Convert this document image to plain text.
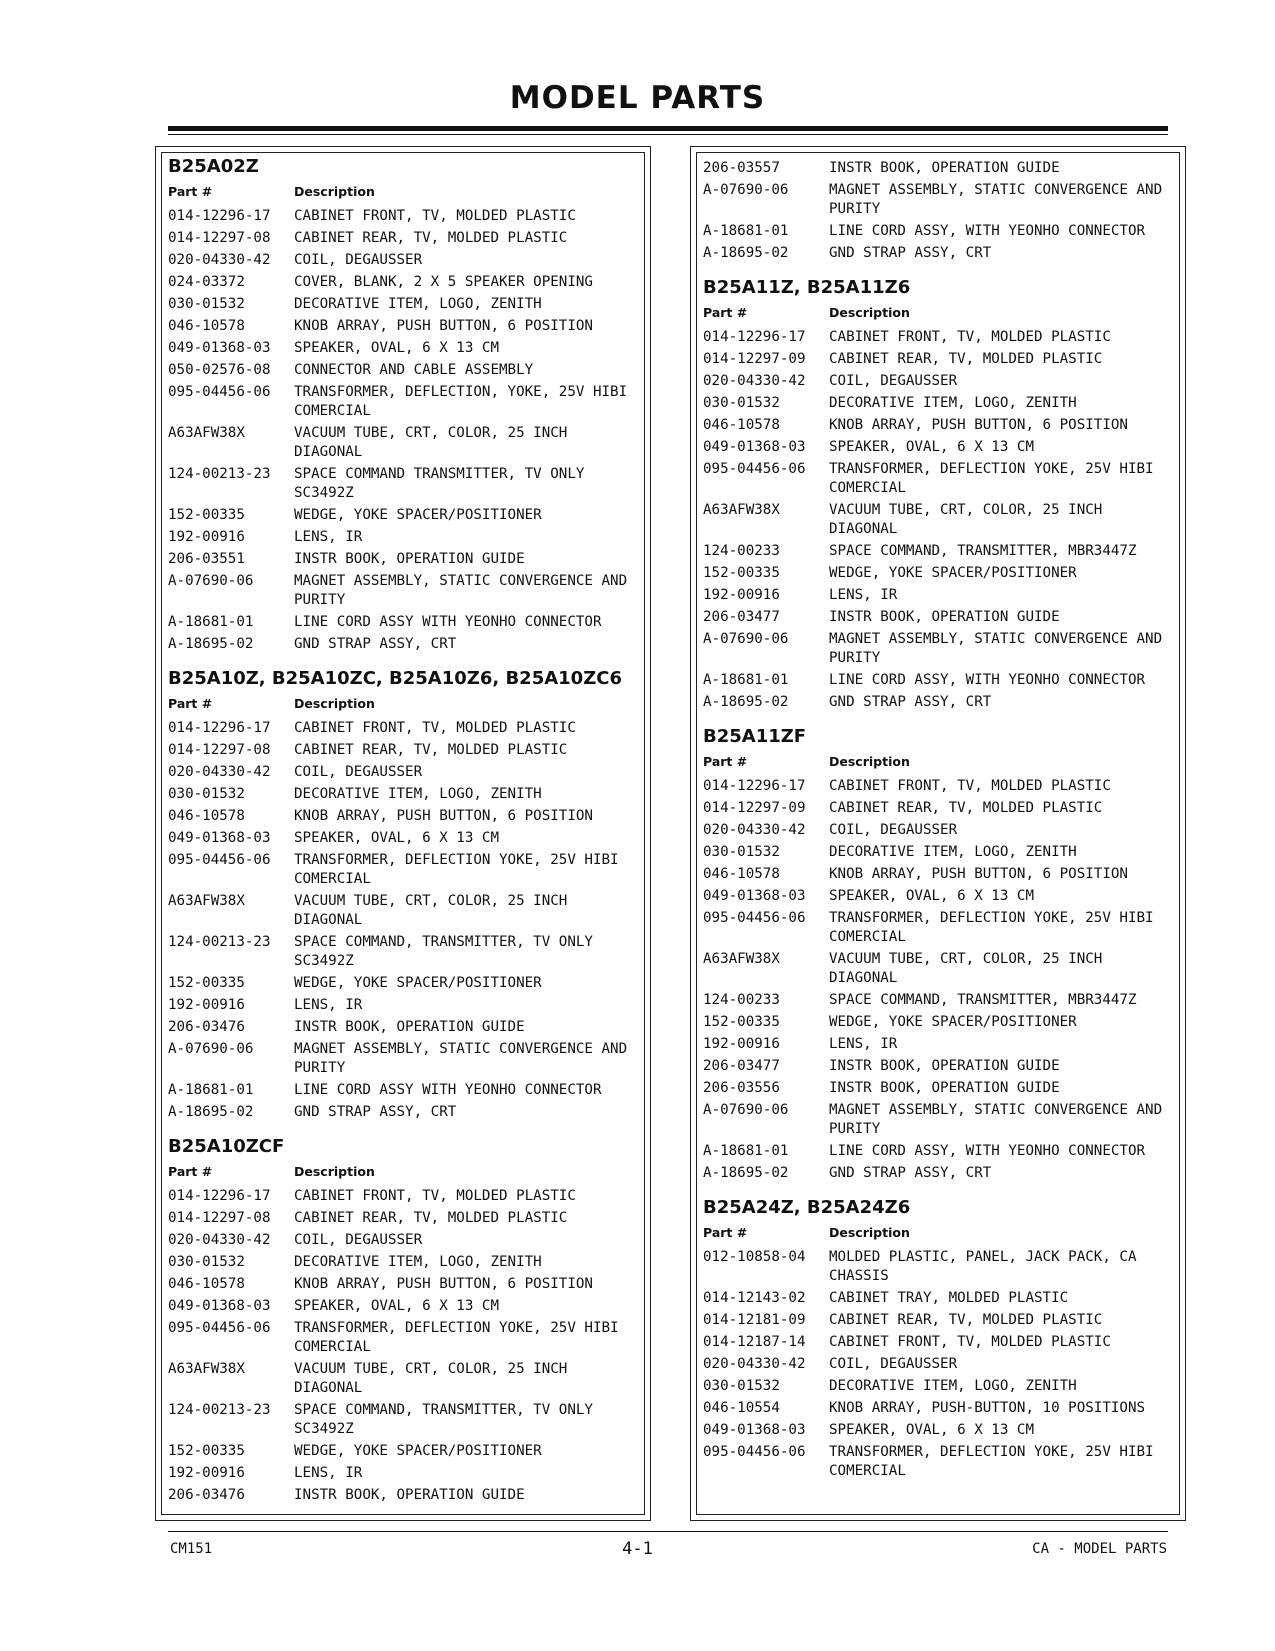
MODEL PARTS
B25A02Z
Part #	Description
014-12296-17	CABINET FRONT, TV, MOLDED PLASTIC
014-12297-08	CABINET REAR, TV, MOLDED PLASTIC
020-04330-42	COIL, DEGAUSSER
024-03372	COVER, BLANK, 2 X 5 SPEAKER OPENING
030-01532	DECORATIVE ITEM, LOGO, ZENITH
046-10578	KNOB ARRAY, PUSH BUTTON, 6 POSITION
049-01368-03	SPEAKER, OVAL, 6 X 13 CM
050-02576-08	CONNECTOR AND CABLE ASSEMBLY
095-04456-06	TRANSFORMER, DEFLECTION, YOKE, 25V HIBI COMERCIAL
A63AFW38X	VACUUM TUBE, CRT, COLOR, 25 INCH DIAGONAL
124-00213-23	SPACE COMMAND TRANSMITTER, TV ONLY SC3492Z
152-00335	WEDGE, YOKE SPACER/POSITIONER
192-00916	LENS, IR
206-03551	INSTR BOOK, OPERATION GUIDE
A-07690-06	MAGNET ASSEMBLY, STATIC CONVERGENCE AND PURITY
A-18681-01	LINE CORD ASSY WITH YEONHO CONNECTOR
A-18695-02	GND STRAP ASSY, CRT
B25A10Z, B25A10ZC, B25A10Z6, B25A10ZC6
Part #	Description
014-12296-17	CABINET FRONT, TV, MOLDED PLASTIC
014-12297-08	CABINET REAR, TV, MOLDED PLASTIC
020-04330-42	COIL, DEGAUSSER
030-01532	DECORATIVE ITEM, LOGO, ZENITH
046-10578	KNOB ARRAY, PUSH BUTTON, 6 POSITION
049-01368-03	SPEAKER, OVAL, 6 X 13 CM
095-04456-06	TRANSFORMER, DEFLECTION YOKE, 25V HIBI COMERCIAL
A63AFW38X	VACUUM TUBE, CRT, COLOR, 25 INCH DIAGONAL
124-00213-23	SPACE COMMAND, TRANSMITTER, TV ONLY SC3492Z
152-00335	WEDGE, YOKE SPACER/POSITIONER
192-00916	LENS, IR
206-03476	INSTR BOOK, OPERATION GUIDE
A-07690-06	MAGNET ASSEMBLY, STATIC CONVERGENCE AND PURITY
A-18681-01	LINE CORD ASSY WITH YEONHO CONNECTOR
A-18695-02	GND STRAP ASSY, CRT
B25A10ZCF
Part #	Description
014-12296-17	CABINET FRONT, TV, MOLDED PLASTIC
014-12297-08	CABINET REAR, TV, MOLDED PLASTIC
020-04330-42	COIL, DEGAUSSER
030-01532	DECORATIVE ITEM, LOGO, ZENITH
046-10578	KNOB ARRAY, PUSH BUTTON, 6 POSITION
049-01368-03	SPEAKER, OVAL, 6 X 13 CM
095-04456-06	TRANSFORMER, DEFLECTION YOKE, 25V HIBI COMERCIAL
A63AFW38X	VACUUM TUBE, CRT, COLOR, 25 INCH DIAGONAL
124-00213-23	SPACE COMMAND, TRANSMITTER, TV ONLY SC3492Z
152-00335	WEDGE, YOKE SPACER/POSITIONER
192-00916	LENS, IR
206-03476	INSTR BOOK, OPERATION GUIDE
206-03557	INSTR BOOK, OPERATION GUIDE
A-07690-06	MAGNET ASSEMBLY, STATIC CONVERGENCE AND PURITY
A-18681-01	LINE CORD ASSY, WITH YEONHO CONNECTOR
A-18695-02	GND STRAP ASSY, CRT
B25A11Z, B25A11Z6
Part #	Description
014-12296-17	CABINET FRONT, TV, MOLDED PLASTIC
014-12297-09	CABINET REAR, TV, MOLDED PLASTIC
020-04330-42	COIL, DEGAUSSER
030-01532	DECORATIVE ITEM, LOGO, ZENITH
046-10578	KNOB ARRAY, PUSH BUTTON, 6 POSITION
049-01368-03	SPEAKER, OVAL, 6 X 13 CM
095-04456-06	TRANSFORMER, DEFLECTION YOKE, 25V HIBI COMERCIAL
A63AFW38X	VACUUM TUBE, CRT, COLOR, 25 INCH DIAGONAL
124-00233	SPACE COMMAND, TRANSMITTER, MBR3447Z
152-00335	WEDGE, YOKE SPACER/POSITIONER
192-00916	LENS, IR
206-03477	INSTR BOOK, OPERATION GUIDE
A-07690-06	MAGNET ASSEMBLY, STATIC CONVERGENCE AND PURITY
A-18681-01	LINE CORD ASSY, WITH YEONHO CONNECTOR
A-18695-02	GND STRAP ASSY, CRT
B25A11ZF
Part #	Description
014-12296-17	CABINET FRONT, TV, MOLDED PLASTIC
014-12297-09	CABINET REAR, TV, MOLDED PLASTIC
020-04330-42	COIL, DEGAUSSER
030-01532	DECORATIVE ITEM, LOGO, ZENITH
046-10578	KNOB ARRAY, PUSH BUTTON, 6 POSITION
049-01368-03	SPEAKER, OVAL, 6 X 13 CM
095-04456-06	TRANSFORMER, DEFLECTION YOKE, 25V HIBI COMERCIAL
A63AFW38X	VACUUM TUBE, CRT, COLOR, 25 INCH DIAGONAL
124-00233	SPACE COMMAND, TRANSMITTER, MBR3447Z
152-00335	WEDGE, YOKE SPACER/POSITIONER
192-00916	LENS, IR
206-03477	INSTR BOOK, OPERATION GUIDE
206-03556	INSTR BOOK, OPERATION GUIDE
A-07690-06	MAGNET ASSEMBLY, STATIC CONVERGENCE AND PURITY
A-18681-01	LINE CORD ASSY, WITH YEONHO CONNECTOR
A-18695-02	GND STRAP ASSY, CRT
B25A24Z, B25A24Z6
Part #	Description
012-10858-04	MOLDED PLASTIC, PANEL, JACK PACK, CA CHASSIS
014-12143-02	CABINET TRAY, MOLDED PLASTIC
014-12181-09	CABINET REAR, TV, MOLDED PLASTIC
014-12187-14	CABINET FRONT, TV, MOLDED PLASTIC
020-04330-42	COIL, DEGAUSSER
030-01532	DECORATIVE ITEM, LOGO, ZENITH
046-10554	KNOB ARRAY, PUSH-BUTTON, 10 POSITIONS
049-01368-03	SPEAKER, OVAL, 6 X 13 CM
095-04456-06	TRANSFORMER, DEFLECTION YOKE, 25V HIBI COMERCIAL
CM151	4-1	CA - MODEL PARTS
